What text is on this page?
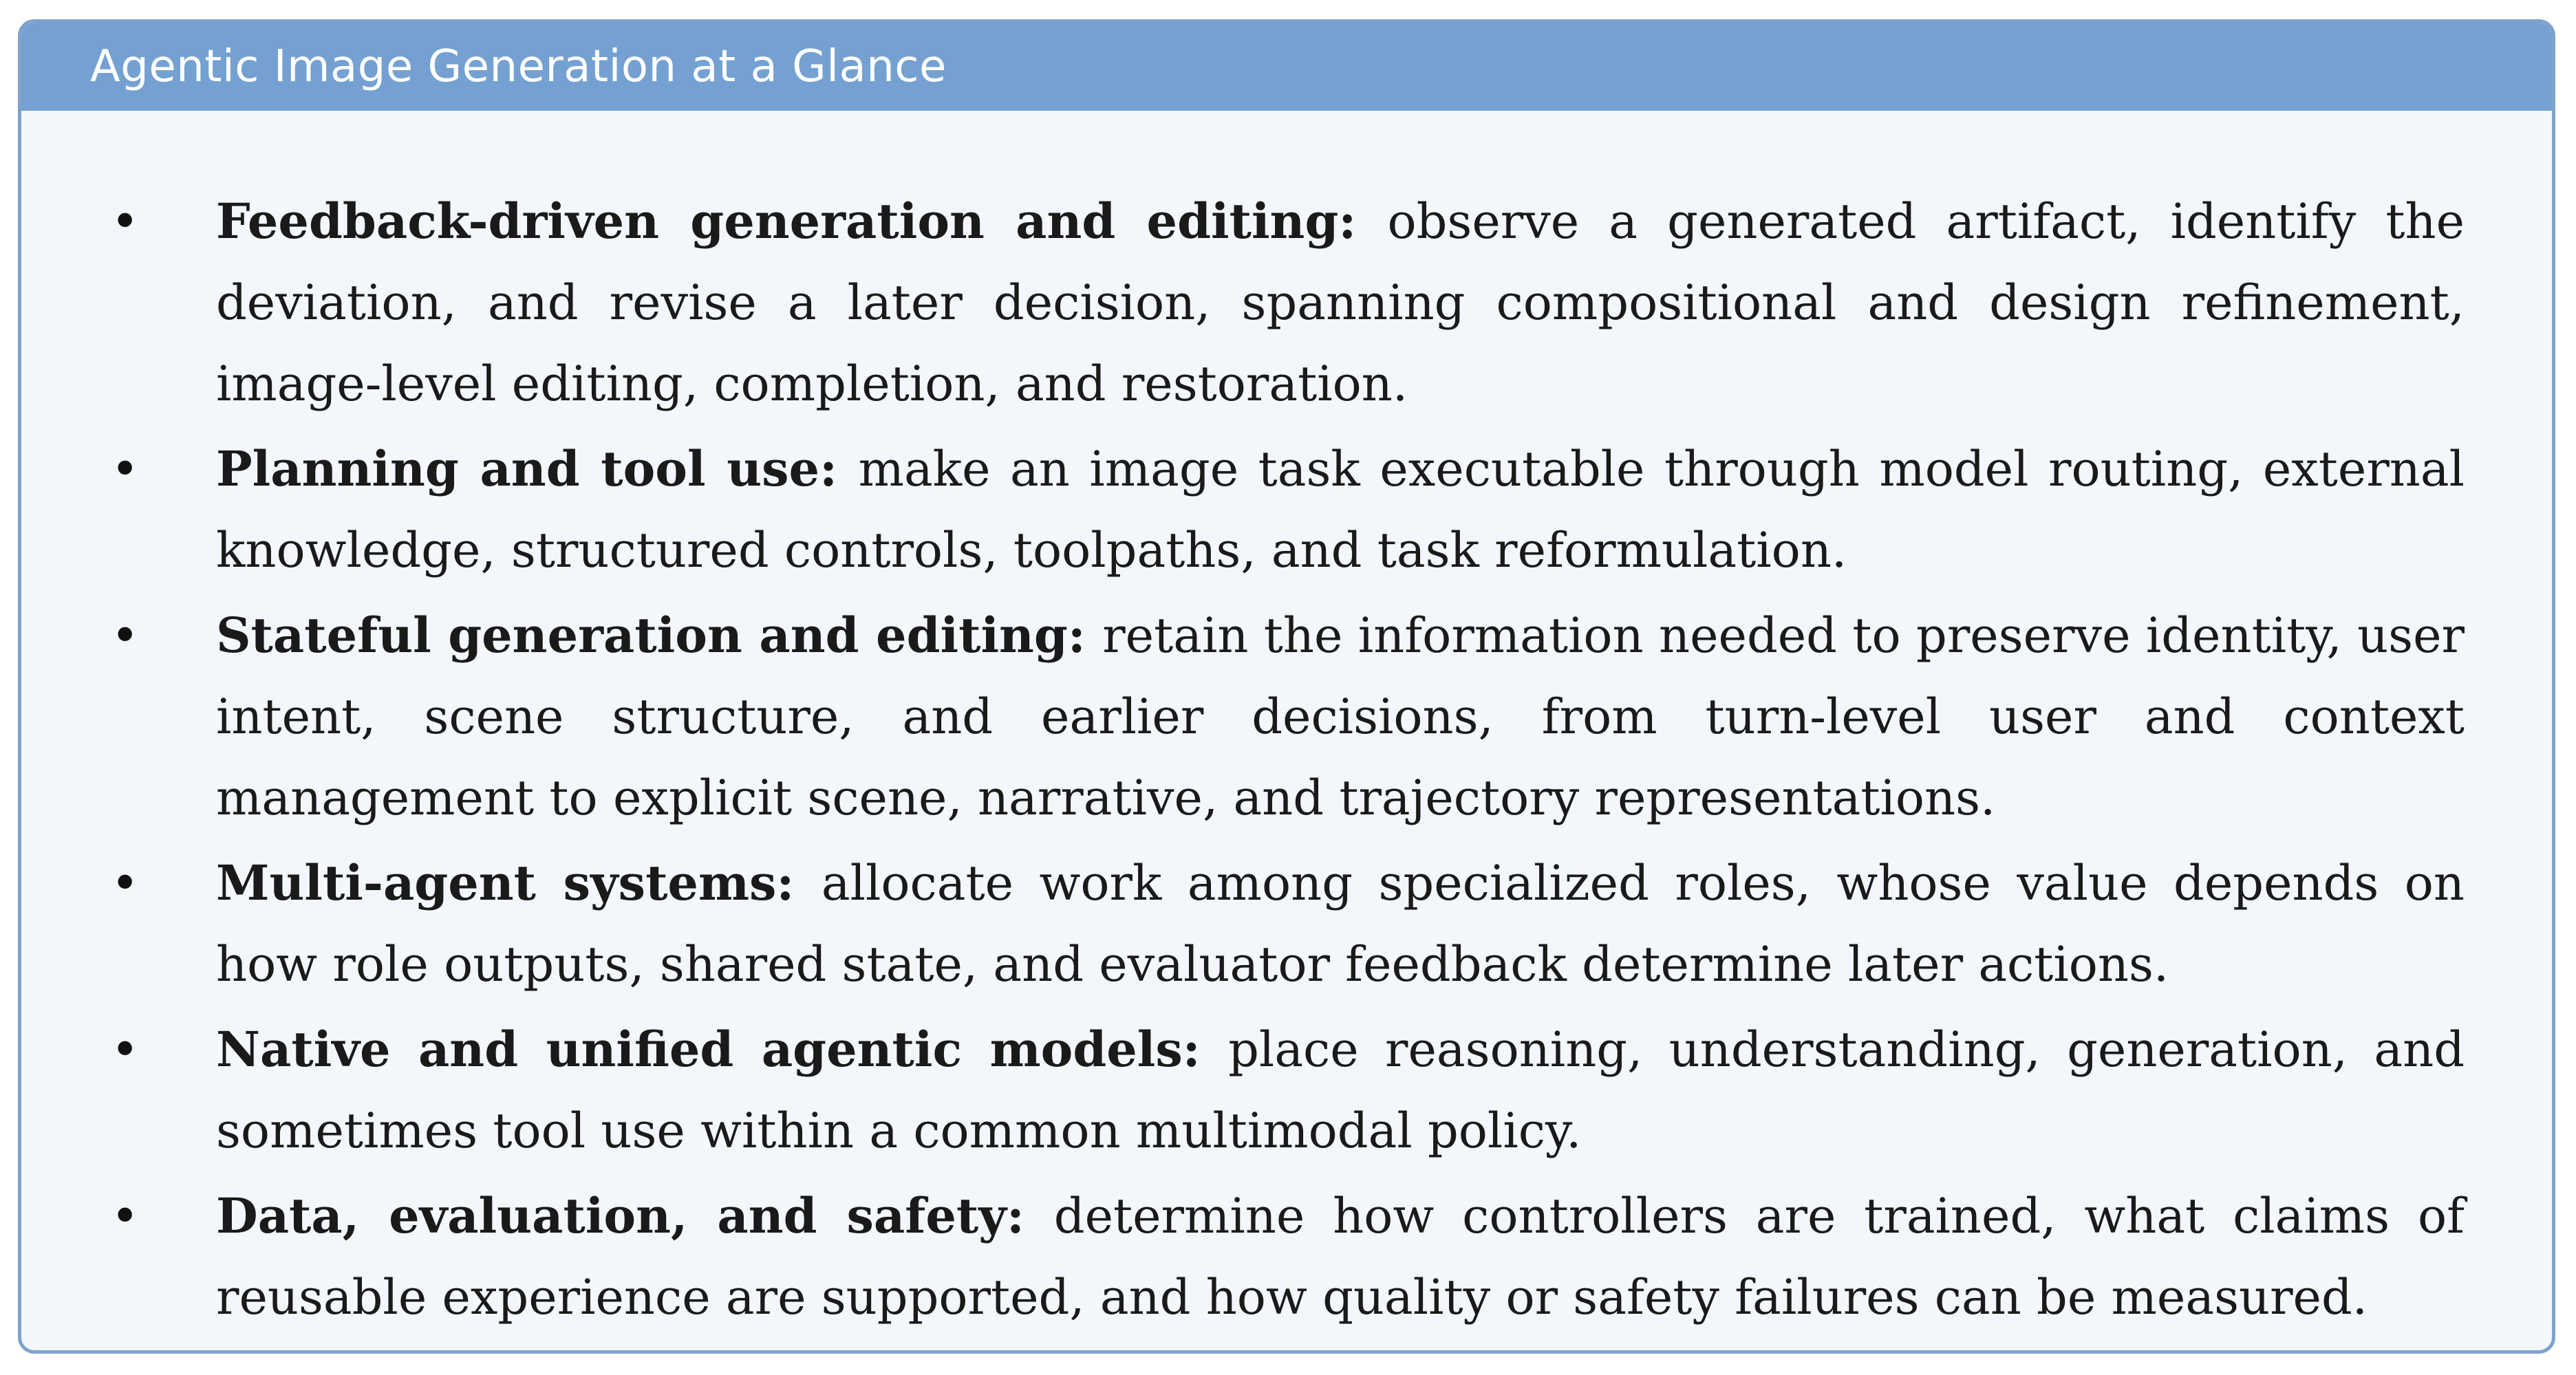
Agentic Image Generation at a Glance
• Feedback-driven generation and editing: observe a generated artifact, identify the deviation, and revise a later decision, spanning compositional and design refinement, image-level editing, completion, and restoration.
• Planning and tool use: make an image task executable through model routing, external knowledge, structured controls, toolpaths, and task reformulation.
• Stateful generation and editing: retain the information needed to preserve identity, user intent, scene structure, and earlier decisions, from turn-level user and context management to explicit scene, narrative, and trajectory representations.
• Multi-agent systems: allocate work among specialized roles, whose value depends on how role outputs, shared state, and evaluator feedback determine later actions.
• Native and unified agentic models: place reasoning, understanding, generation, and sometimes tool use within a common multimodal policy.
• Data, evaluation, and safety: determine how controllers are trained, what claims of reusable experience are supported, and how quality or safety failures can be measured.
